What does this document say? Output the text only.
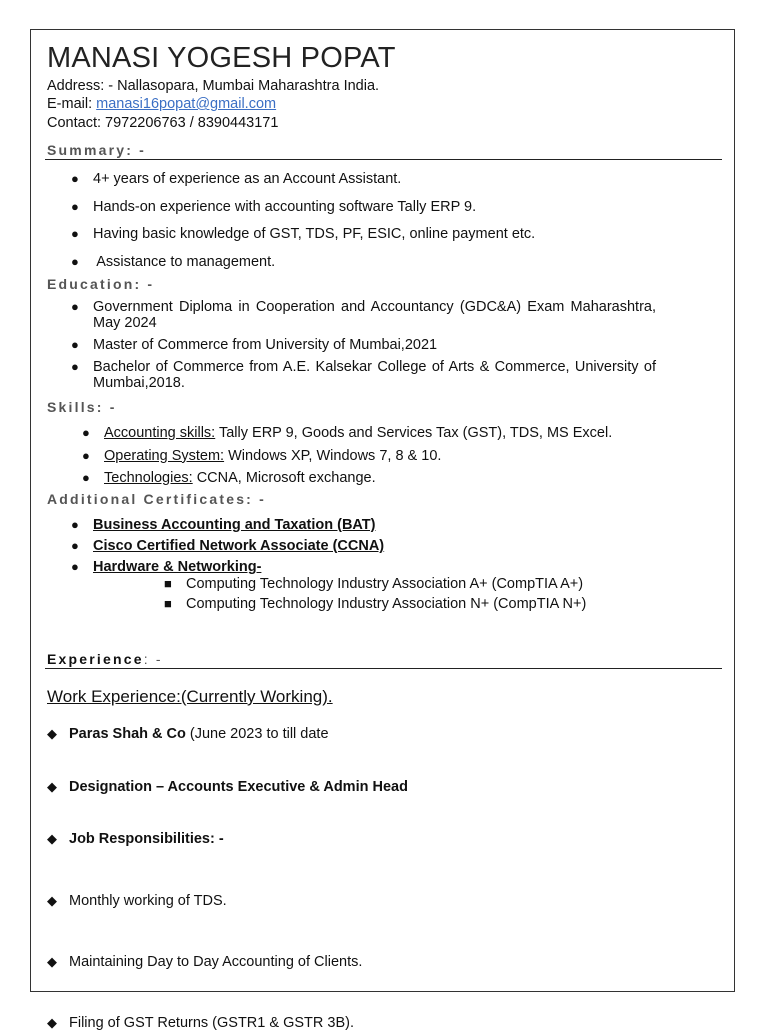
MANASI YOGESH POPAT
Address: - Nallasopara, Mumbai Maharashtra India.
E-mail: manasi16popat@gmail.com
Contact: 7972206763 / 8390443171
Summary: -
● 4+ years of experience as an Account Assistant.
● Hands-on experience with accounting software Tally ERP 9.
● Having basic knowledge of GST, TDS, PF, ESIC, online payment etc.
● Assistance to management.
Education: -
● Government Diploma in Cooperation and Accountancy (GDC&A) Exam Maharashtra, May 2024
● Master of Commerce from University of Mumbai,2021
● Bachelor of Commerce from A.E. Kalsekar College of Arts & Commerce, University of Mumbai,2018.
Skills: -
● Accounting skills: Tally ERP 9, Goods and Services Tax (GST), TDS, MS Excel.
● Operating System: Windows XP, Windows 7, 8 & 10.
● Technologies: CCNA, Microsoft exchange.
Additional Certificates: -
● Business Accounting and Taxation (BAT)
● Cisco Certified Network Associate (CCNA)
● Hardware & Networking-
■ Computing Technology Industry Association A+ (CompTIA A+)
■ Computing Technology Industry Association N+ (CompTIA N+)
Experience: -
Work Experience:(Currently Working).
◆ Paras Shah & Co (June 2023 to till date
◆ Designation – Accounts Executive & Admin Head
◆ Job Responsibilities: -
◆ Monthly working of TDS.
◆ Maintaining Day to Day Accounting of Clients.
◆ Filing of GST Returns (GSTR1 & GSTR 3B).
